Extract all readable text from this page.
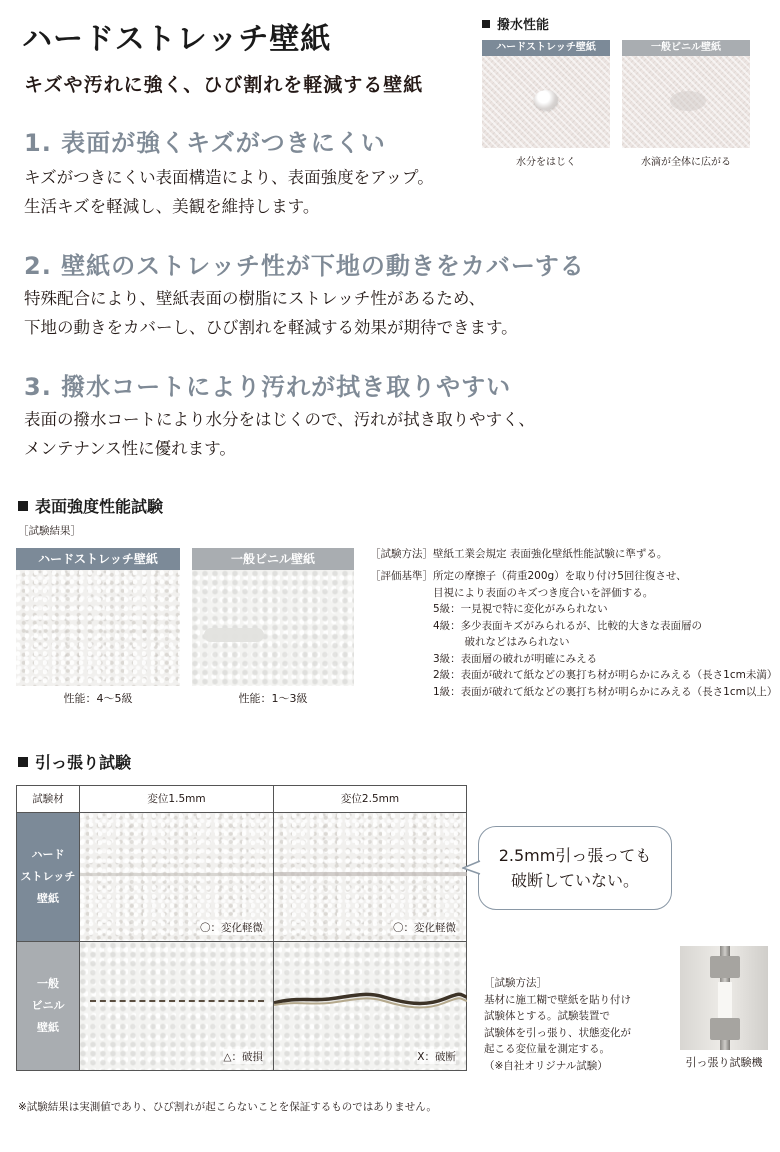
ハードストレッチ壁紙
キズや汚れに強く、ひび割れを軽減する壁紙
1. 表面が強くキズがつきにくい
キズがつきにくい表面構造により、表面強度をアップ。
生活キズを軽減し、美観を維持します。
2. 壁紙のストレッチ性が下地の動きをカバーする
特殊配合により、壁紙表面の樹脂にストレッチ性があるため、
下地の動きをカバーし、ひび割れを軽減する効果が期待できます。
3. 撥水コートにより汚れが拭き取りやすい
表面の撥水コートにより水分をはじくので、汚れが拭き取りやすく、
メンテナンス性に優れます。
撥水性能
ハードストレッチ壁紙	一般ビニル壁紙
水分をはじく	水滴が全体に広がる
表面強度性能試験
［試験結果］
ハードストレッチ壁紙	一般ビニル壁紙
性能：4〜5級	性能：1〜3級
［試験方法］壁紙工業会規定 表面強化壁紙性能試験に準ずる。
［評価基準］所定の摩擦子（荷重200g）を取り付け5回往復させ、
　　　　　　目視により表面のキズつき度合いを評価する。
　　　　　　5級：一見視で特に変化がみられない
　　　　　　4級：多少表面キズがみられるが、比較的大きな表面層の
　　　　　　　　　破れなどはみられない
　　　　　　3級：表面層の破れが明確にみえる
　　　　　　2級：表面が破れて紙などの裏打ち材が明らかにみえる（長さ1cm未満）
　　　　　　1級：表面が破れて紙などの裏打ち材が明らかにみえる（長さ1cm以上）
引っ張り試験
試験材	変位1.5mm	変位2.5mm
ハード
ストレッチ
壁紙
〇：変化軽微	〇：変化軽微
一般
ビニル
壁紙
△：破損	X：破断
2.5mm引っ張っても
破断していない。
［試験方法］
基材に施工糊で壁紙を貼り付け
試験体とする。試験装置で
試験体を引っ張り、状態変化が
起こる変位量を測定する。
（※自社オリジナル試験）	引っ張り試験機
※試験結果は実測値であり、ひび割れが起こらないことを保証するものではありません。
